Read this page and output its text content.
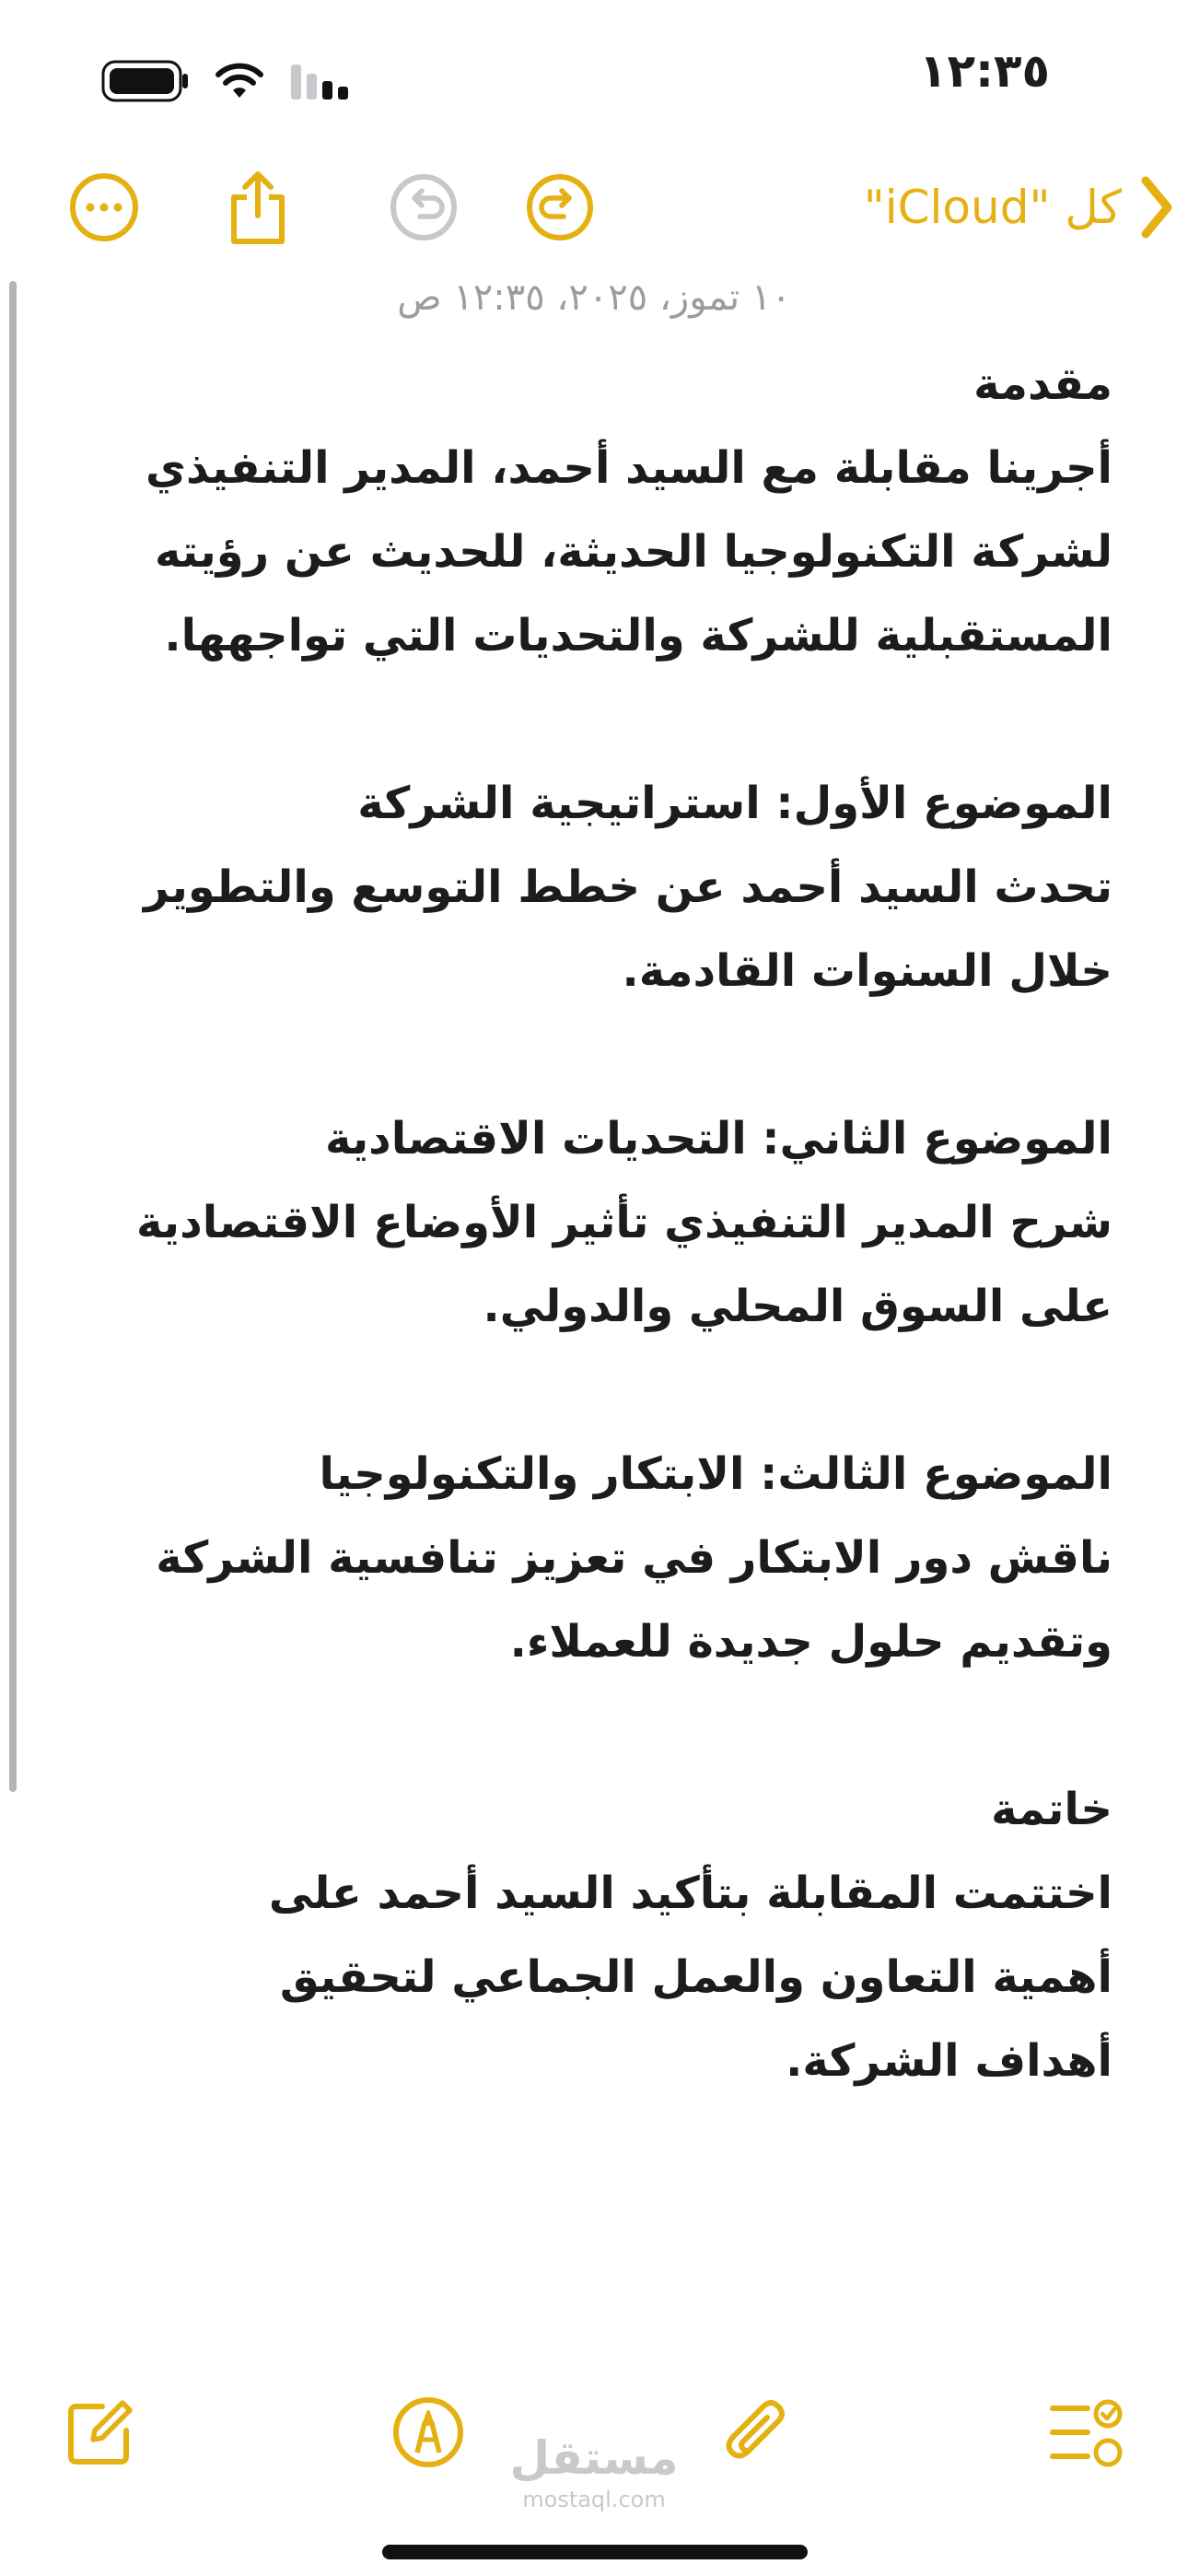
١٢:٣٥
كل "iCloud"
١٠ تموز، ٢٠٢٥، ١٢:٣٥ ص

مقدمة

أجرينا مقابلة مع السيد أحمد، المدير التنفيذي

لشركة التكنولوجيا الحديثة، للحديث عن رؤيته

المستقبلية للشركة والتحديات التي تواجهها.

الموضوع الأول: استراتيجية الشركة

تحدث السيد أحمد عن خطط التوسع والتطوير

خلال السنوات القادمة.

الموضوع الثاني: التحديات الاقتصادية

شرح المدير التنفيذي تأثير الأوضاع الاقتصادية

على السوق المحلي والدولي.

الموضوع الثالث: الابتكار والتكنولوجيا

ناقش دور الابتكار في تعزيز تنافسية الشركة

وتقديم حلول جديدة للعملاء.

خاتمة

اختتمت المقابلة بتأكيد السيد أحمد على

أهمية التعاون والعمل الجماعي لتحقيق

أهداف الشركة.

مستقل
mostaql.com
